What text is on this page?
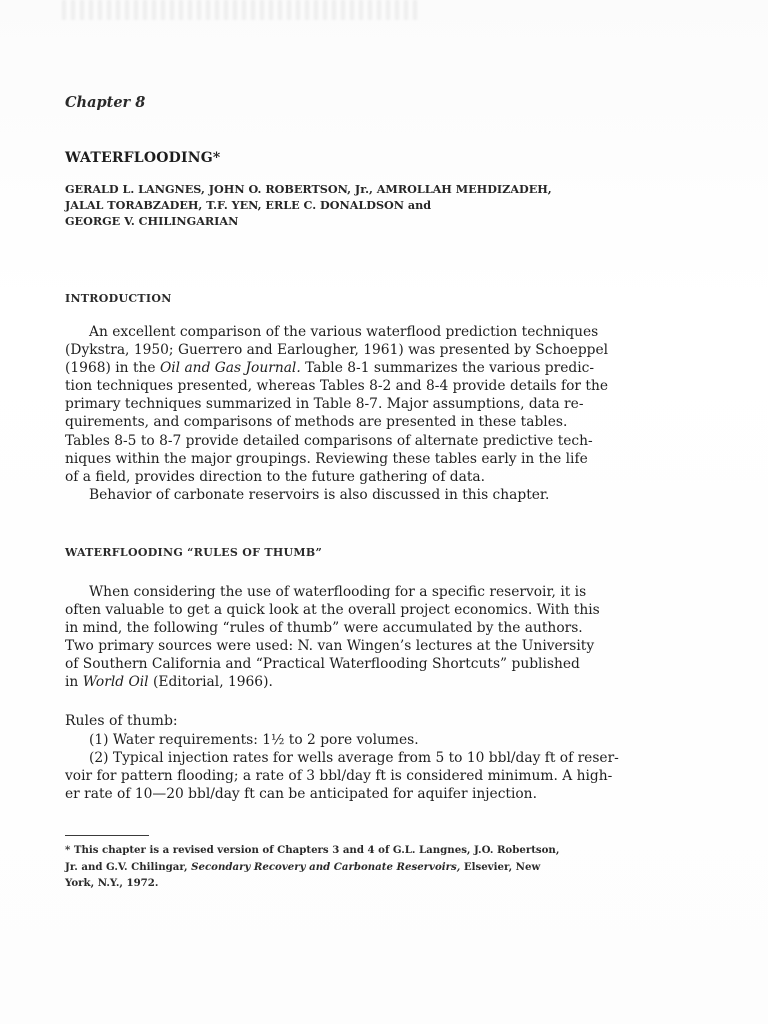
Chapter 8

WATERFLOODING*
GERALD L. LANGNES, JOHN O. ROBERTSON, Jr., AMROLLAH MEHDIZADEH,
JALAL TORABZADEH, T.F. YEN, ERLE C. DONALDSON and
GEORGE V. CHILINGARIAN
INTRODUCTION
An excellent comparison of the various waterflood prediction techniques
(Dykstra, 1950; Guerrero and Earlougher, 1961) was presented by Schoeppel
(1968) in the Oil and Gas Journal. Table 8-1 summarizes the various predic-
tion techniques presented, whereas Tables 8-2 and 8-4 provide details for the
primary techniques summarized in Table 8-7. Major assumptions, data re-
quirements, and comparisons of methods are presented in these tables.
Tables 8-5 to 8-7 provide detailed comparisons of alternate predictive tech-
niques within the major groupings. Reviewing these tables early in the life
of a field, provides direction to the future gathering of data.
Behavior of carbonate reservoirs is also discussed in this chapter.
WATERFLOODING “RULES OF THUMB”
When considering the use of waterflooding for a specific reservoir, it is
often valuable to get a quick look at the overall project economics. With this
in mind, the following “rules of thumb” were accumulated by the authors.
Two primary sources were used: N. van Wingen’s lectures at the University
of Southern California and “Practical Waterflooding Shortcuts” published
in World Oil (Editorial, 1966).

Rules of thumb:

(1) Water requirements: 1½ to 2 pore volumes.
(2) Typical injection rates for wells average from 5 to 10 bbl/day ft of reser-
voir for pattern flooding; a rate of 3 bbl/day ft is considered minimum. A high-
er rate of 10—20 bbl/day ft can be anticipated for aquifer injection.
* This chapter is a revised version of Chapters 3 and 4 of G.L. Langnes, J.O. Robertson,
Jr. and G.V. Chilingar, Secondary Recovery and Carbonate Reservoirs, Elsevier, New
York, N.Y., 1972.
